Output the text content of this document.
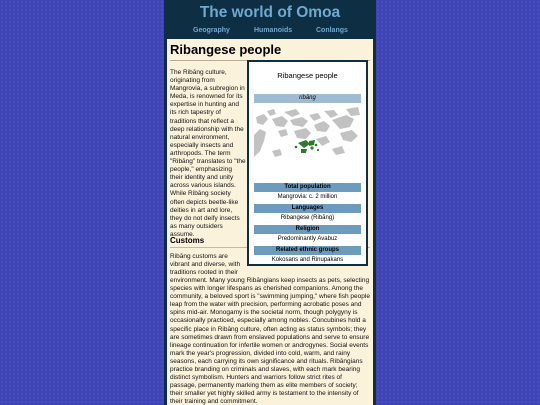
The world of Omoa
Geography	Humanoids	Conlangs
Ribangese people
The Ribāng culture, originating from Mangrovia, a subregion in Meda, is renowned for its expertise in hunting and its rich tapestry of traditions that reflect a deep relationship with the natural environment, especially insects and arthropods. The term "Ribāng" translates to "the people," emphasizing their identity and unity across various islands. While Ribāng society often depicts beetle-like deities in art and lore, they do not deify insects as many outsiders assume.
Customs
Ribāng customs are vibrant and diverse, with traditions rooted in their
environment. Many young Ribāngians keep insects as pets, selecting species with longer lifespans as cherished companions. Among the community, a beloved sport is "swimming jumping," where fish people leap from the water with precision, performing acrobatic poses and spins mid-air. Monogamy is the societal norm, though polygyny is occasionally practiced, especially among nobles. Concubines hold a specific place in Ribāng culture, often acting as status symbols; they are sometimes drawn from enslaved populations and serve to ensure lineage continuation for infertile women or androgynes. Social events mark the year's progression, divided into cold, warm, and rainy seasons, each carrying its own significance and rituals. Ribāngians practice branding on criminals and slaves, with each mark bearing distinct symbolism. Hunters and warriors follow strict rites of passage, permanently marking them as elite members of society; their smaller yet highly skilled army is testament to the intensity of their training and commitment.
Ribangese people
ribāng
Total population
Mangrovia: c. 2 million
Languages
Ribangese (Ribāng)
Religion
Predominantly Avabuz
Related ethnic groups
Kokosans and Rinupakans
